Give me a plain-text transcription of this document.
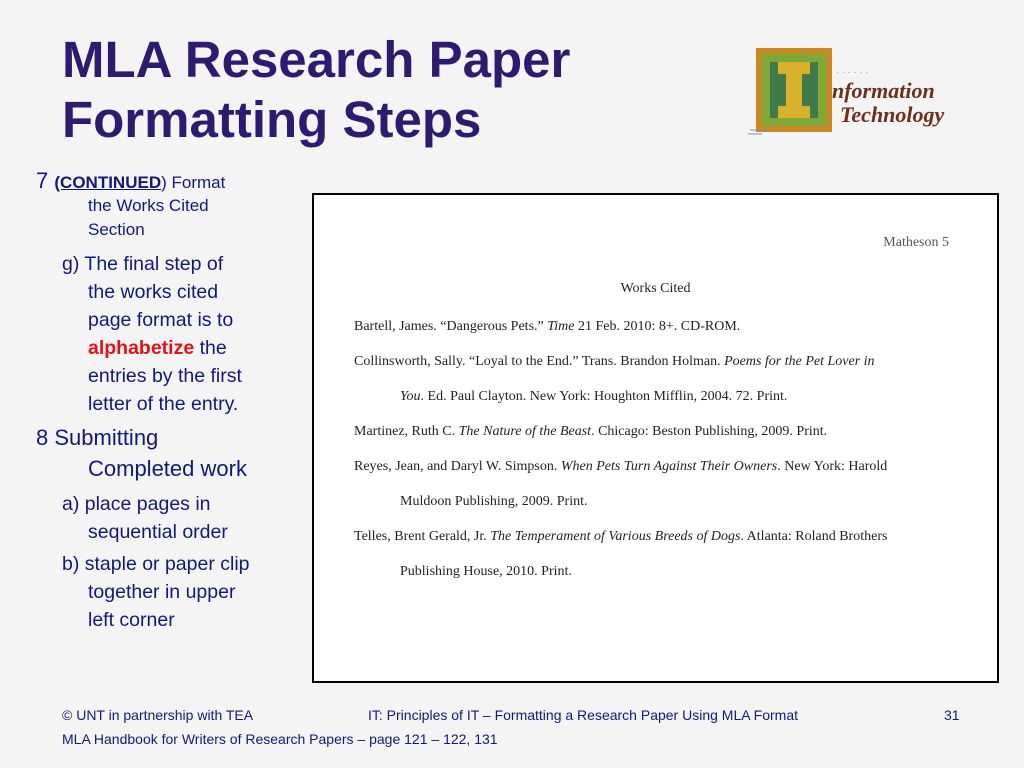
MLA Research Paper
Formatting Steps
· · · · · ·
nformation
Technology

7 (CONTINUED) Format

the Works Cited
Section

g) The final step of
the works cited
page format is to
alphabetize the
entries by the first
letter of the entry.

8 Submitting
Completed work

a) place pages in
sequential order

b) staple or paper clip
together in upper
left corner

Matheson 5
Works Cited
Bartell, James. “Dangerous Pets.” Time 21 Feb. 2010: 8+. CD-ROM.
Collinsworth, Sally. “Loyal to the End.” Trans. Brandon Holman. Poems for the Pet Lover in
You. Ed. Paul Clayton. New York: Houghton Mifflin, 2004. 72. Print.
Martinez, Ruth C. The Nature of the Beast. Chicago: Beston Publishing, 2009. Print.
Reyes, Jean, and Daryl W. Simpson. When Pets Turn Against Their Owners. New York: Harold
Muldoon Publishing, 2009. Print.
Telles, Brent Gerald, Jr. The Temperament of Various Breeds of Dogs. Atlanta: Roland Brothers
Publishing House, 2010. Print.
© UNT in partnership with TEA	IT: Principles of IT – Formatting a Research Paper Using MLA Format	31
MLA Handbook for Writers of Research Papers – page 121 – 122, 131
